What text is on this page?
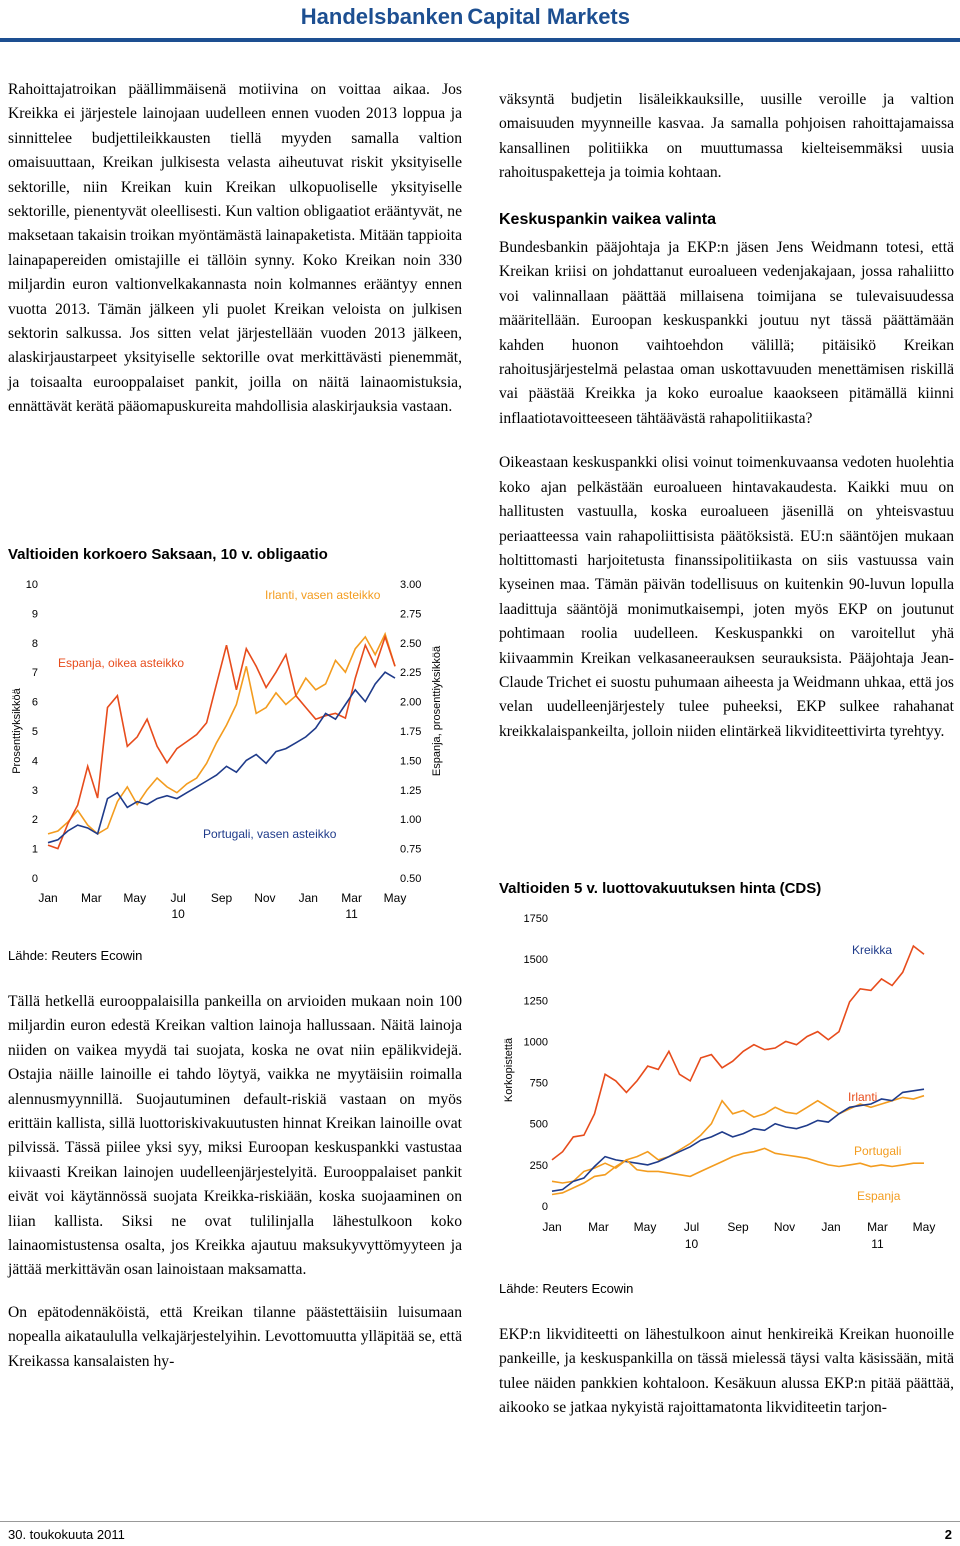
Handelsbanken Capital Markets

Rahoittajatroikan päällimmäisenä motiivina on voittaa aikaa. Jos Kreikka ei järjestele lainojaan uudelleen ennen vuoden 2013 loppua ja sinnittelee budjettileikkausten tiellä myyden samalla valtion omaisuuttaan, Kreikan julkisesta velasta aiheutuvat riskit yksityiselle sektorille, niin Kreikan kuin Kreikan ulkopuoliselle yksityiselle sektorille, pienentyvät oleellisesti. Kun valtion obligaatiot erääntyvät, ne maksetaan takaisin troikan myöntämästä lainapaketista. Mitään tappioita lainapapereiden omistajille ei tällöin synny. Koko Kreikan noin 330 miljardin euron valtionvelkakannasta noin kolmannes erääntyy ennen vuotta 2013. Tämän jälkeen yli puolet Kreikan veloista on julkisen sektorin salkussa. Jos sitten velat järjestellään vuoden 2013 jälkeen, alaskirjaustarpeet yksityiselle sektorille ovat merkittävästi pienemmät, ja toisaalta eurooppalaiset pankit, joilla on näitä lainaomistuksia, ennättävät kerätä pääomapuskureita mahdollisia alaskirjauksia vastaan.

Valtioiden korkoero Saksaan, 10 v. obligaatio
10
9
8
7
6
5
4
3
2
1
0
3.00
2.75
2.50
2.25
2.00
1.75
1.50
1.25
1.00
0.75
0.50
Prosenttiyksikköä	Espanja, prosenttiyksikköä
Jan Mar May Jul Sep Nov Jan Mar May
10	11
Irlanti, vasen asteikko
Espanja, oikea asteikko
Portugali, vasen asteikko
Lähde: Reuters Ecowin

Tällä hetkellä eurooppalaisilla pankeilla on arvioiden mukaan noin 100 miljardin euron edestä Kreikan valtion lainoja hallussaan. Näitä lainoja niiden on vaikea myydä tai suojata, koska ne ovat niin epälikvidejä. Ostajia näille lainoille ei tahdo löytyä, vaikka ne myytäisiin roimalla alennusmyynnillä. Suojautuminen default-riskiä vastaan on myös erittäin kallista, sillä luottoriskivakuutusten hinnat Kreikan lainoille ovat pilvissä. Tässä piilee yksi syy, miksi Euroopan keskuspankki vastustaa kiivaasti Kreikan lainojen uudelleenjärjestelyitä. Eurooppalaiset pankit eivät voi käytännössä suojata Kreikka-riskiään, koska suojaaminen on liian kallista. Siksi ne ovat tulilinjalla lähestulkoon koko lainaomistustensa osalta, jos Kreikka ajautuu maksukyvyttömyyteen ja jättää merkittävän osan lainoistaan maksamatta.

On epätodennäköistä, että Kreikan tilanne päästettäisiin luisumaan nopealla aikataululla velkajärjestelyihin. Levottomuutta ylläpitää se, että Kreikassa kansalaisten hy-

väksyntä budjetin lisäleikkauksille, uusille veroille ja valtion omaisuuden myynneille kasvaa. Ja samalla pohjoisen rahoittajamaissa kansallinen politiikka on muuttumassa kielteisemmäksi uusia rahoituspaketteja ja toimia kohtaan.

Keskuspankin vaikea valinta

Bundesbankin pääjohtaja ja EKP:n jäsen Jens Weidmann totesi, että Kreikan kriisi on johdattanut euroalueen vedenjakajaan, jossa rahaliitto voi valinnallaan päättää millaisena toimijana se tulevaisuudessa määritellään. Euroopan keskuspankki joutuu nyt tässä päättämään kahden huonon vaihtoehdon välillä; pitäisikö Kreikan rahoitusjärjestelmä pelastaa oman uskottavuuden menettämisen riskillä vai päästää Kreikka ja koko euroalue kaaokseen pitämällä kiinni inflaatiotavoitteeseen tähtäävästä rahapolitiikasta?

Oikeastaan keskuspankki olisi voinut toimenkuvaansa vedoten huolehtia koko ajan pelkästään euroalueen hintavakaudesta. Kaikki muu on hallitusten vastuulla, koska euroalueen jäsenillä on yhteisvastuu periaatteessa vain rahapoliittisista päätöksistä. EU:n sääntöjen mukaan holtittomasti harjoitetusta finanssipolitiikasta on siis vastuussa vain kyseinen maa. Tämän päivän todellisuus on kuitenkin 90-luvun lopulla laadittuja sääntöjä monimutkaisempi, joten myös EKP on joutunut pohtimaan roolia uudelleen. Keskuspankki on varoitellut yhä kiivaammin Kreikan velkasaneerauksen seurauksista. Pääjohtaja Jean-Claude Trichet ei suostu puhumaan aiheesta ja Weidmann uhkaa, että jos velan uudelleenjärjestely tulee puheeksi, EKP sulkee rahahanat kreikkalaispankeilta, jolloin niiden elintärkeä likviditeettivirta tyrehtyy.

Valtioiden 5 v. luottovakuutuksen hinta (CDS)
1750
1500
1250
1000
750
500
250
0
Korkopistettä
Jan Mar May Jul Sep Nov Jan Mar May
10	11
Kreikka
Irlanti
Portugali
Espanja
Lähde: Reuters Ecowin

EKP:n likviditeetti on lähestulkoon ainut henkireikä Kreikan huonoille pankeille, ja keskuspankilla on tässä mielessä täysi valta käsissään, mitä tulee näiden pankkien kohtaloon. Kesäkuun alussa EKP:n pitää päättää, aikooko se jatkaa nykyistä rajoittamatonta likviditeetin tarjon-

30. toukokuuta 2011	2
